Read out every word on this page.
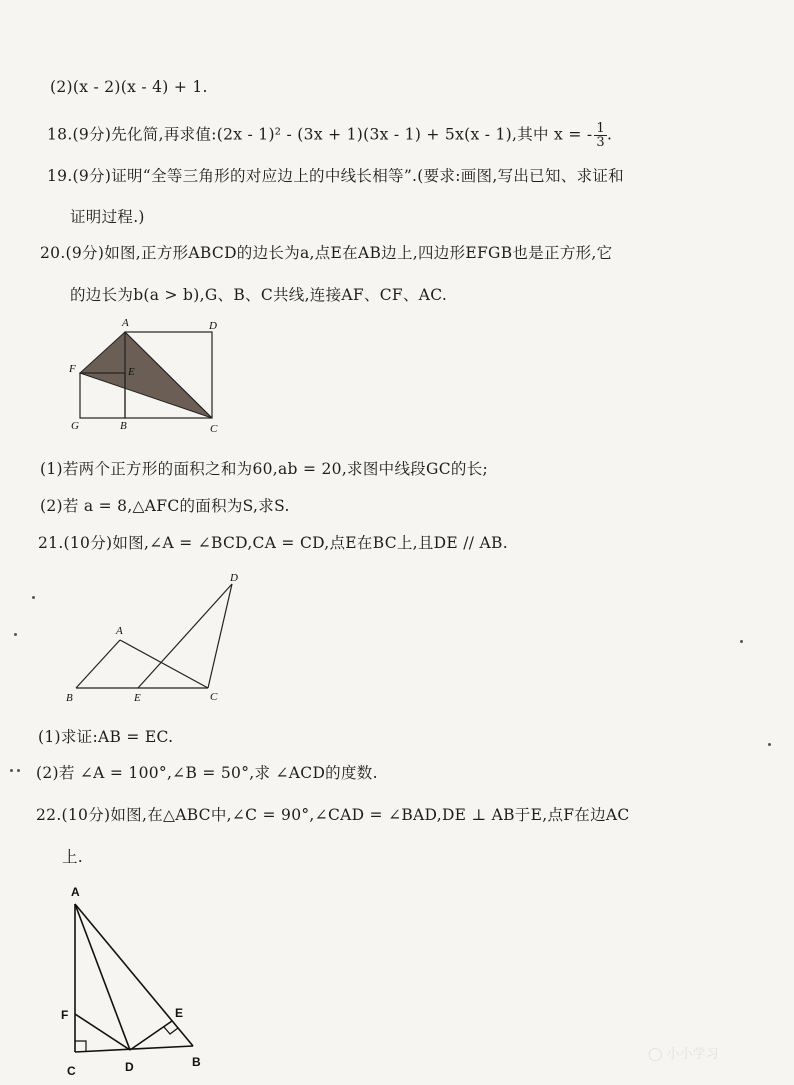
(2)(x - 2)(x - 4) + 1.
18.(9分)先化简,再求值:(2x - 1)² - (3x + 1)(3x - 1) + 5x(x - 1),其中 x = - $\frac{1}{3}$ .
19.(9分)证明“全等三角形的对应边上的中线长相等”.(要求:画图,写出已知、求证和
证明过程.)
20.(9分)如图,正方形ABCD的边长为a,点E在AB边上,四边形EFGB也是正方形,它
的边长为b(a > b),G、B、C共线,连接AF、CF、AC.
A	D
F	E
G	B	C
(1)若两个正方形的面积之和为60,ab = 20,求图中线段GC的长;
(2)若 a = 8,△AFC的面积为S,求S.
21.(10分)如图,∠A = ∠BCD,CA = CD,点E在BC上,且DE // AB.
D
A
B	E	C
(1)求证:AB = EC.
(2)若 ∠A = 100°,∠B = 50°,求 ∠ACD的度数.
22.(10分)如图,在△ABC中,∠C = 90°,∠CAD = ∠BAD,DE ⊥ AB于E,点F在边AC
上.
A
F	E
C	D	B	◯ 小小学习
